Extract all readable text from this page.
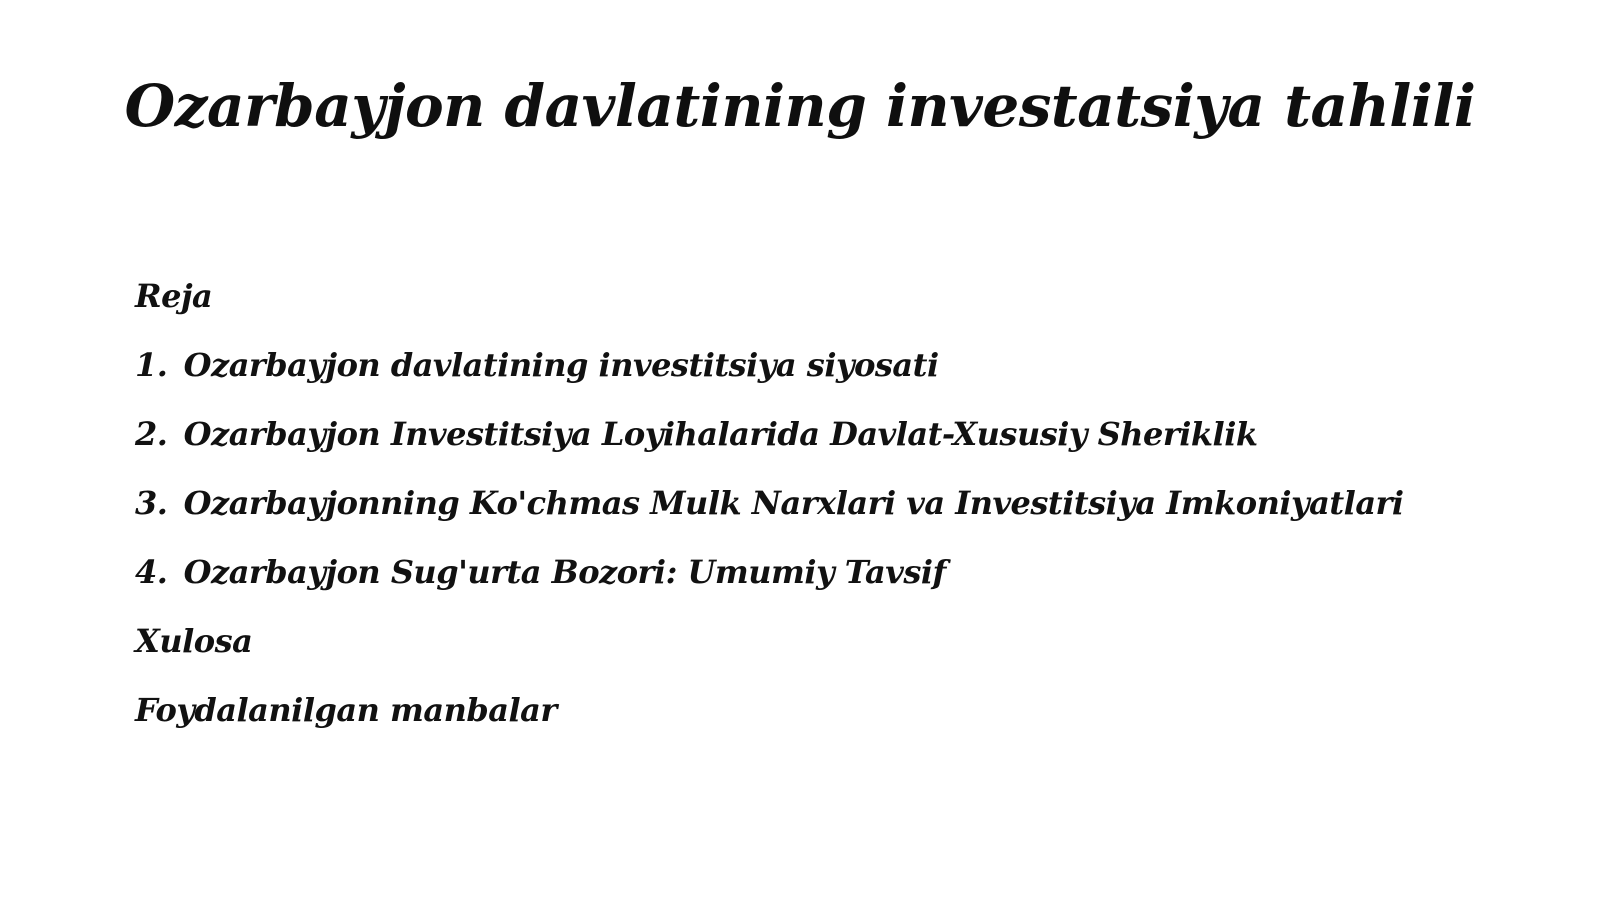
Ozarbayjon davlatining investatsiya tahlili
Reja
1. Ozarbayjon davlatining investitsiya siyosati
2. Ozarbayjon Investitsiya Loyihalarida Davlat-Xususiy Sheriklik
3. Ozarbayjonning Ko'chmas Mulk Narxlari va Investitsiya Imkoniyatlari
4. Ozarbayjon Sug'urta Bozori: Umumiy Tavsif
Xulosa
Foydalanilgan manbalar
